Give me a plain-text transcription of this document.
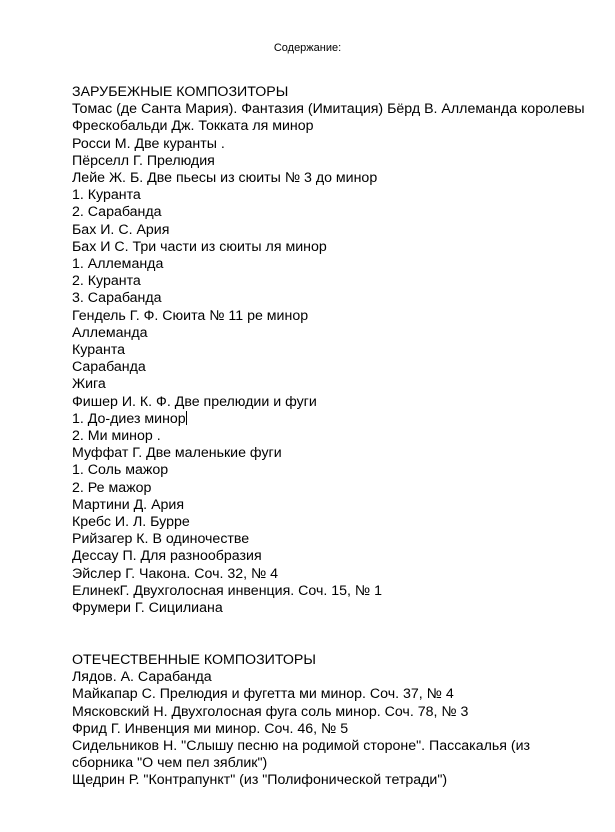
Содержание:
ЗАРУБЕЖНЫЕ КОМПОЗИТОРЫ
Томас (де Санта Мария). Фантазия (Имитация) Бёрд В. Аллеманда королевы
Фрескобальди Дж. Токката ля минор
Росси М. Две куранты .
Пёрселл Г. Прелюдия
Лейе Ж. Б. Две пьесы из сюиты № 3 до минор
1. Куранта
2. Сарабанда
Бах И. С. Ария
Бах И С. Три части из сюиты ля минор
1. Аллеманда
2. Куранта
3. Сарабанда
Гендель Г. Ф. Сюита № 11 ре минор
Аллеманда
Куранта
Сарабанда
Жига
Фишер И. К. Ф. Две прелюдии и фуги
1. До-диез минор
2. Ми минор .
Муффат Г. Две маленькие фуги
1. Соль мажор
2. Ре мажор
Мартини Д. Ария
Кребс И. Л. Бурре
Рийзагер К. В одиночестве
Дессау П. Для разнообразия
Эйслер Г. Чакона. Соч. 32, № 4
ЕлинекГ. Двухголосная инвенция. Соч. 15, № 1
Фрумери Г. Сицилиана
ОТЕЧЕСТВЕННЫЕ КОМПОЗИТОРЫ
Лядов. А. Сарабанда
Майкапар С. Прелюдия и фугетта ми минор. Соч. 37, № 4
Мясковский Н. Двухголосная фуга соль минор. Соч. 78, № 3
Фрид Г. Инвенция ми минор. Соч. 46, № 5
Сидельников Н. "Слышу песню на родимой стороне". Пассакалья (из сборника "О чем пел зяблик")
Щедрин Р. "Контрапункт" (из "Полифонической тетради")
